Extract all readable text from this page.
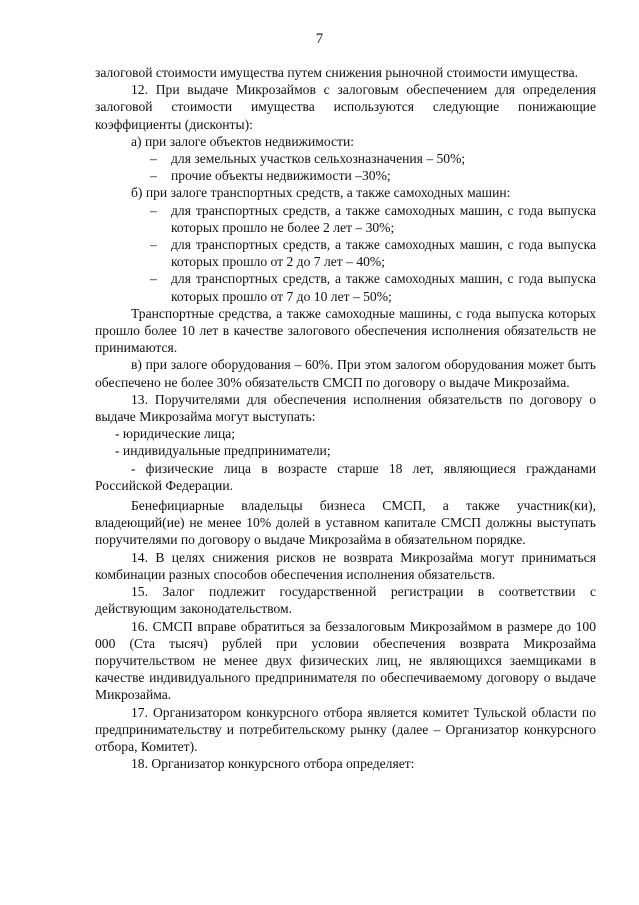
7

залоговой стоимости имущества путем снижения рыночной стоимости имущества.

12. При выдаче Микрозаймов с залоговым обеспечением для определения залоговой стоимости имущества используются следующие понижающие коэффициенты (дисконты):

а) при залоге объектов недвижимости:

– для земельных участков сельхозназначения – 50%;

– прочие объекты недвижимости –30%;

б) при залоге транспортных средств, а также самоходных машин:

– для транспортных средств, а также самоходных машин, с года выпуска которых прошло не более 2 лет – 30%;

– для транспортных средств, а также самоходных машин, с года выпуска которых прошло от 2 до 7 лет – 40%;

– для транспортных средств, а также самоходных машин, с года выпуска которых прошло от 7 до 10 лет – 50%;

Транспортные средства, а также самоходные машины, с года выпуска которых прошло более 10 лет в качестве залогового обеспечения исполнения обязательств не принимаются.

в) при залоге оборудования – 60%. При этом залогом оборудования может быть обеспечено не более 30% обязательств СМСП по договору о выдаче Микрозайма.

13. Поручителями для обеспечения исполнения обязательств по договору о выдаче Микрозайма могут выступать:

- юридические лица;

- индивидуальные предприниматели;

- физические лица в возрасте старше 18 лет, являющиеся гражданами Российской Федерации.

Бенефициарные владельцы бизнеса СМСП, а также участник(ки), владеющий(ие) не менее 10% долей в уставном капитале СМСП должны выступать поручителями по договору о выдаче Микрозайма в обязательном порядке.

14. В целях снижения рисков не возврата Микрозайма могут приниматься комбинации разных способов обеспечения исполнения обязательств.

15. Залог подлежит государственной регистрации в соответствии с действующим законодательством.

16. СМСП вправе обратиться за беззалоговым Микрозаймом в размере до 100 000 (Ста тысяч) рублей при условии обеспечения возврата Микрозайма поручительством не менее двух физических лиц, не являющихся заемщиками в качестве индивидуального предпринимателя по обеспечиваемому договору о выдаче Микрозайма.

17. Организатором конкурсного отбора является комитет Тульской области по предпринимательству и потребительскому рынку (далее – Организатор конкурсного отбора, Комитет).

18. Организатор конкурсного отбора определяет:
